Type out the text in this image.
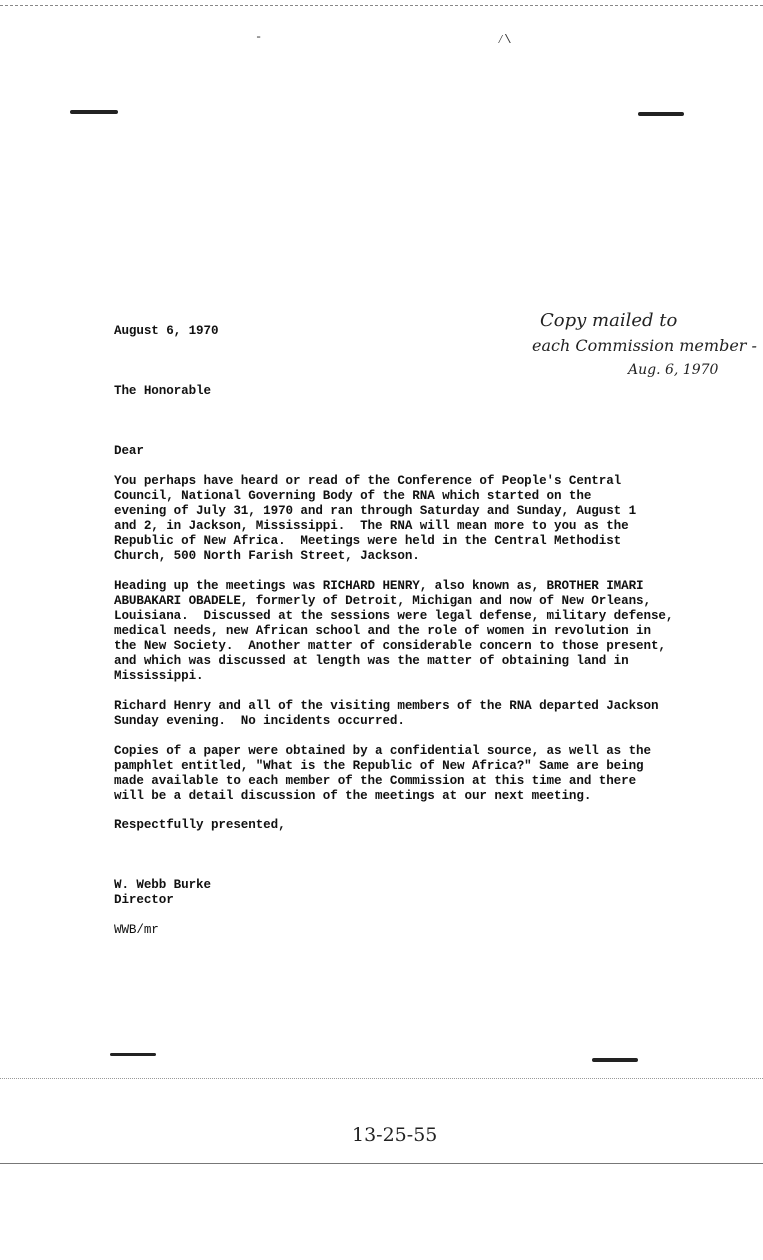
-	⁄\
Copy mailed to
each Commission member -
Aug. 6, 1970
August 6, 1970
The Honorable
Dear
You perhaps have heard or read of the Conference of People's Central
Council, National Governing Body of the RNA which started on the
evening of July 31, 1970 and ran through Saturday and Sunday, August 1
and 2, in Jackson, Mississippi.  The RNA will mean more to you as the
Republic of New Africa.  Meetings were held in the Central Methodist
Church, 500 North Farish Street, Jackson.
Heading up the meetings was RICHARD HENRY, also known as, BROTHER IMARI
ABUBAKARI OBADELE, formerly of Detroit, Michigan and now of New Orleans,
Louisiana.  Discussed at the sessions were legal defense, military defense,
medical needs, new African school and the role of women in revolution in
the New Society.  Another matter of considerable concern to those present,
and which was discussed at length was the matter of obtaining land in
Mississippi.
Richard Henry and all of the visiting members of the RNA departed Jackson
Sunday evening.  No incidents occurred.
Copies of a paper were obtained by a confidential source, as well as the
pamphlet entitled, "What is the Republic of New Africa?" Same are being
made available to each member of the Commission at this time and there
will be a detail discussion of the meetings at our next meeting.
Respectfully presented,
W. Webb Burke
Director
WWB/mr
13-25-55
